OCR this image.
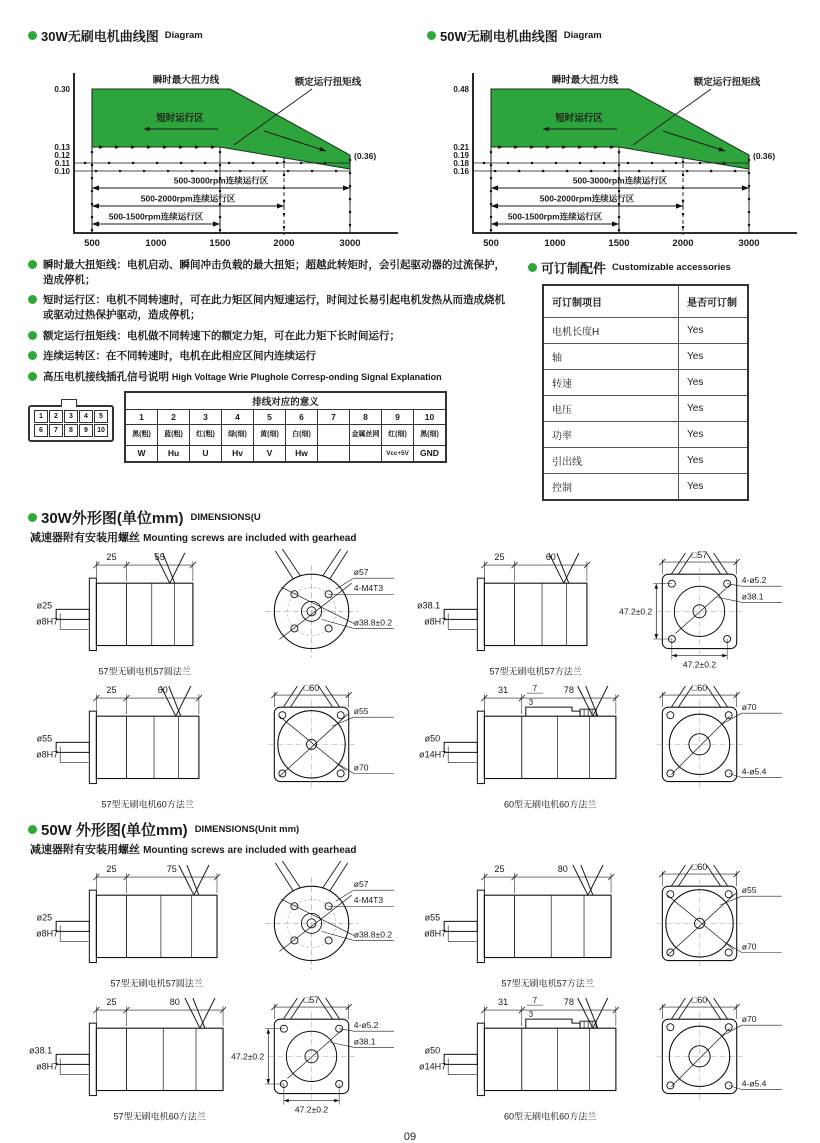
30W无刷电机曲线图 Diagram
500-3000rpm连续运行区
500-2000rpm连续运行区
500-1500rpm连续运行区
0.30
0.13
0.12
0.11
0.10
500	1000	1500	2000	3000
瞬时最大扭力线
短时运行区
额定运行扭矩线
(0.36)
50W无刷电机曲线图 Diagram
500-3000rpm连续运行区
500-2000rpm连续运行区
500-1500rpm连续运行区
0.48
0.21
0.19
0.18
0.16
500	1000	1500	2000	3000
瞬时最大扭力线
短时运行区
额定运行扭矩线
(0.36)
瞬时最大扭矩线：电机启动、瞬间冲击负载的最大扭矩；超越此转矩时，会引起驱动器的过流保护，造成停机；
短时运行区：电机不同转速时，可在此力矩区间内短速运行，时间过长易引起电机发热从而造成烧机或驱动过热保护驱动，造成停机；
额定运行扭矩线：电机做不同转速下的额定力矩，可在此力矩下长时间运行；
连续运转区：在不同转速时，电机在此相应区间内连续运行
高压电机接线插孔信号说明 High Voltage Wrie Plughole Corresp-onding Signal Explanation
1	2	3	4	5
6	7	8	9	10
排线对应的意义									
1	2	3	4	5	6	7	8	9	10
黑(粗)	蓝(粗)	红(粗)	绿(细)	黄(细)	白(细)		金属丝网	红(细)	黑(细)
W	Hu	U	Hv	V	Hw			Vcc+5V	GND
可订制配件 Customizable accessories
可订制项目	是否可订制
电机长度H	Yes
轴	Yes
转速	Yes
电压	Yes
功率	Yes
引出线	Yes
控制	Yes
30W外形图(单位mm) DIMENSIONS(U
减速器附有安装用螺丝 Mounting screws are included with gearhead
25	55
ø25
ø8H7
57型无刷电机57圆法兰
ø57
4-M4T3
ø38.8±0.2
25	60
ø38.1
ø8H7
57型无刷电机57方法兰
□57
4-ø5.2
ø38.1
47.2±0.2
47.2±0.2
25	60
ø55
ø8H7
57型无刷电机60方法兰
□60
ø55
ø70
31	78
ø50
ø14H7
7
3
60型无刷电机60方法兰
□60
ø70
4-ø5.4
50W 外形图(单位mm) DIMENSIONS(Unit mm)
减速器附有安装用螺丝 Mounting screws are included with gearhead
25	75
ø25
ø8H7
57型无刷电机57圆法兰
ø57
4-M4T3
ø38.8±0.2
25	80
ø55
ø8H7
57型无刷电机57方法兰
□60
ø55
ø70
25	80
ø38.1
ø8H7
57型无刷电机60方法兰
□57
4-ø5.2
ø38.1
47.2±0.2
47.2±0.2
31	78
ø50
ø14H7
7
3
60型无刷电机60方法兰
□60
ø70
4-ø5.4
09
